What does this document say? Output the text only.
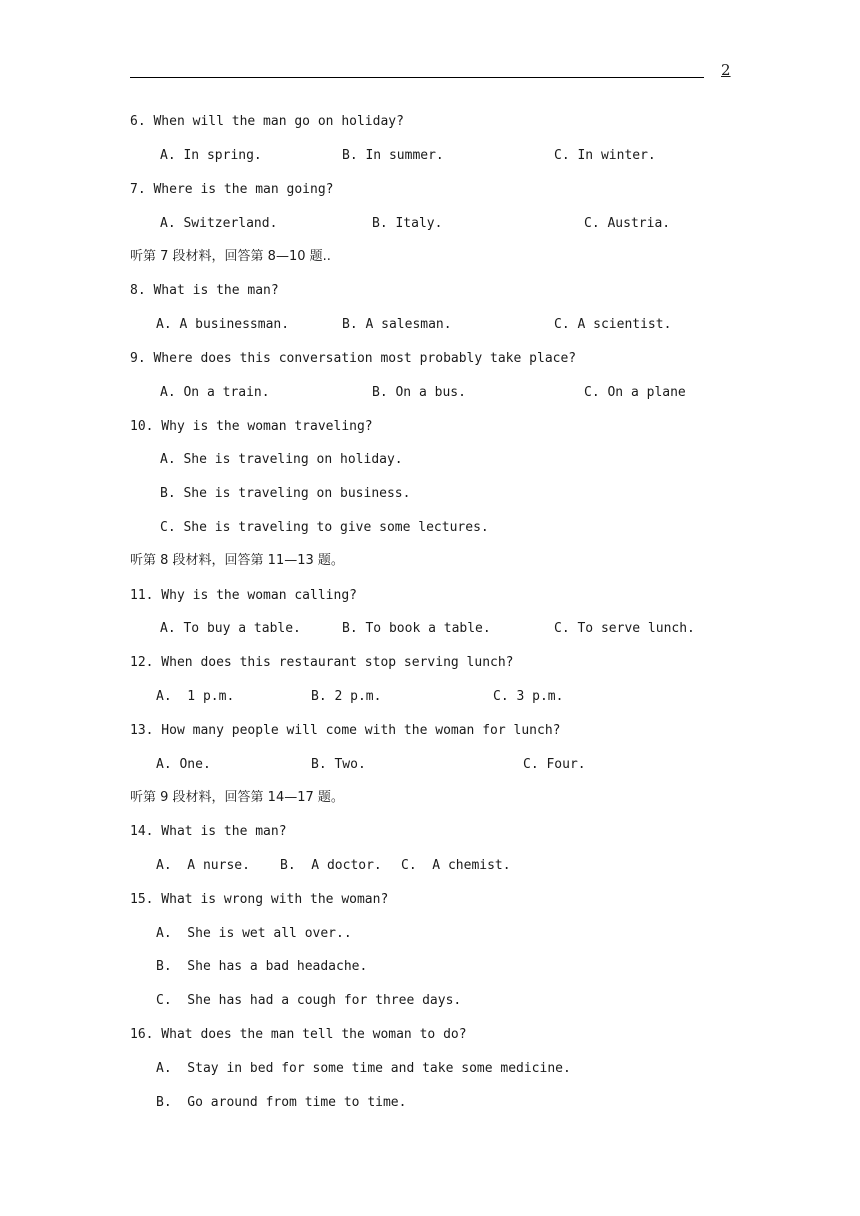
2
6. When will the man go on holiday?
A. In spring.	B. In summer.	C. In winter.
7. Where is the man going?
A. Switzerland.	B. Italy.	C. Austria.
听第 7 段材料，回答第 8—10 题..
8. What is the man?
A. A businessman.	B. A salesman.	C. A scientist.
9. Where does this conversation most probably take place?
A. On a train.	B. On a bus.	C. On a plane
10. Why is the woman traveling?
A. She is traveling on holiday.
B. She is traveling on business.
C. She is traveling to give some lectures.
听第 8 段材料，回答第 11—13 题。
11. Why is the woman calling?
A. To buy a table.	B. To book a table.	C. To serve lunch.
12. When does this restaurant stop serving lunch?
A.  1 p.m.	B. 2 p.m.	C. 3 p.m.
13. How many people will come with the woman for lunch?
A. One.	B. Two.	C. Four.
听第 9 段材料，回答第 14—17 题。
14. What is the man?
A.  A nurse. B.  A doctor. C.  A chemist.
15. What is wrong with the woman?
A.  She is wet all over..
B.  She has a bad headache.
C.  She has had a cough for three days.
16. What does the man tell the woman to do?
A.  Stay in bed for some time and take some medicine.
B.  Go around from time to time.
